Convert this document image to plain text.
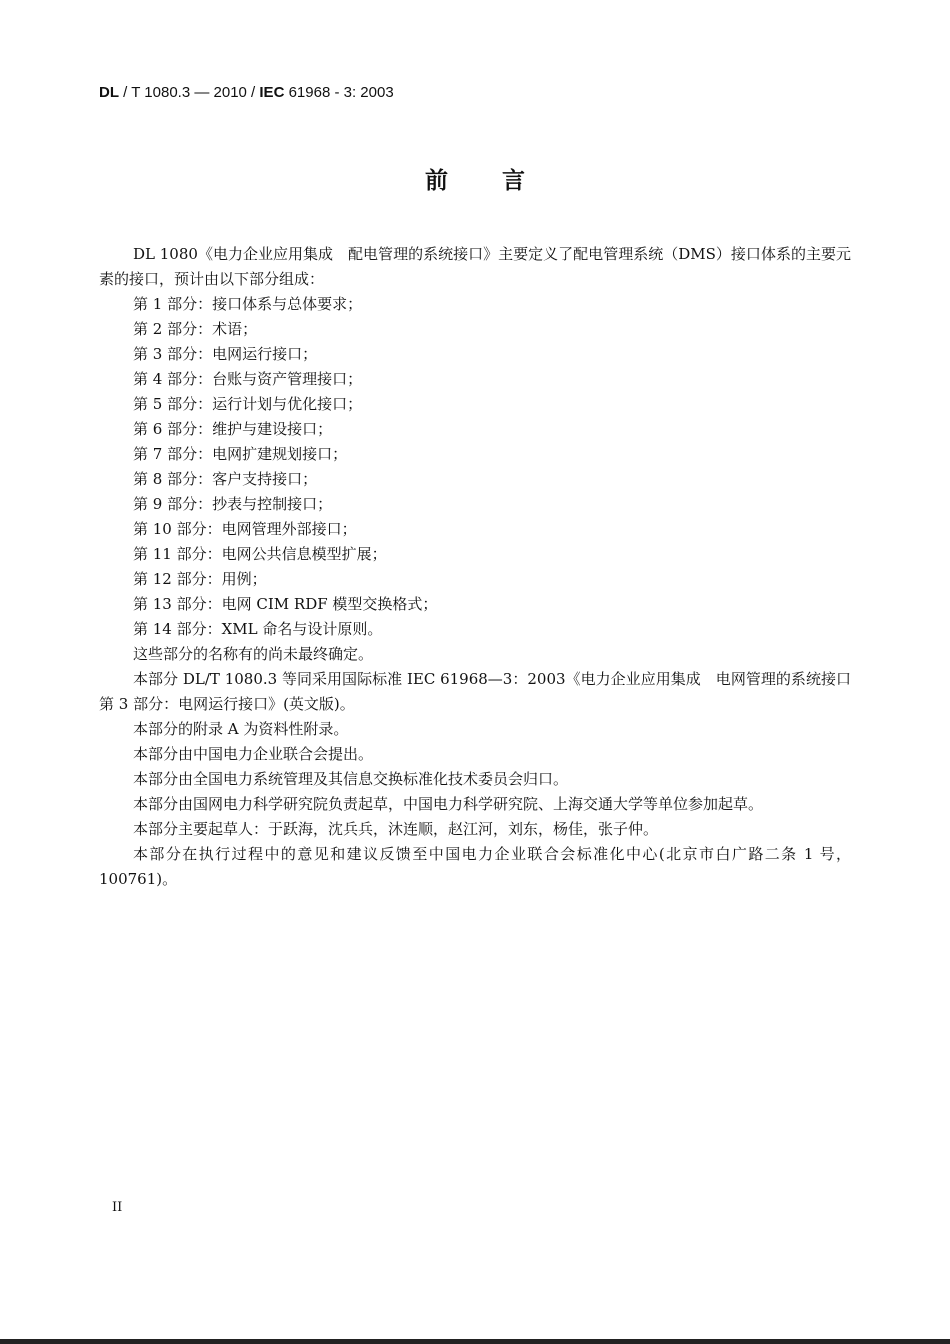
DL / T 1080.3 — 2010 / IEC 61968 - 3: 2003
前言

DL 1080《电力企业应用集成　配电管理的系统接口》主要定义了配电管理系统（DMS）接口体系的主要元素的接口，预计由以下部分组成：

第 1 部分：接口体系与总体要求；

第 2 部分：术语；

第 3 部分：电网运行接口；

第 4 部分：台账与资产管理接口；

第 5 部分：运行计划与优化接口；

第 6 部分：维护与建设接口；

第 7 部分：电网扩建规划接口；

第 8 部分：客户支持接口；

第 9 部分：抄表与控制接口；

第 10 部分：电网管理外部接口；

第 11 部分：电网公共信息模型扩展；

第 12 部分：用例；

第 13 部分：电网 CIM RDF 模型交换格式；

第 14 部分：XML 命名与设计原则。

这些部分的名称有的尚未最终确定。

本部分 DL/T 1080.3 等同采用国际标准 IEC 61968—3：2003《电力企业应用集成　电网管理的系统接口　第 3 部分：电网运行接口》(英文版)。

本部分的附录 A 为资料性附录。

本部分由中国电力企业联合会提出。

本部分由全国电力系统管理及其信息交换标准化技术委员会归口。

本部分由国网电力科学研究院负责起草，中国电力科学研究院、上海交通大学等单位参加起草。

本部分主要起草人：于跃海，沈兵兵，沐连顺，赵江河，刘东，杨佳，张子仲。

本部分在执行过程中的意见和建议反馈至中国电力企业联合会标准化中心(北京市白广路二条 1 号，100761)。

II
